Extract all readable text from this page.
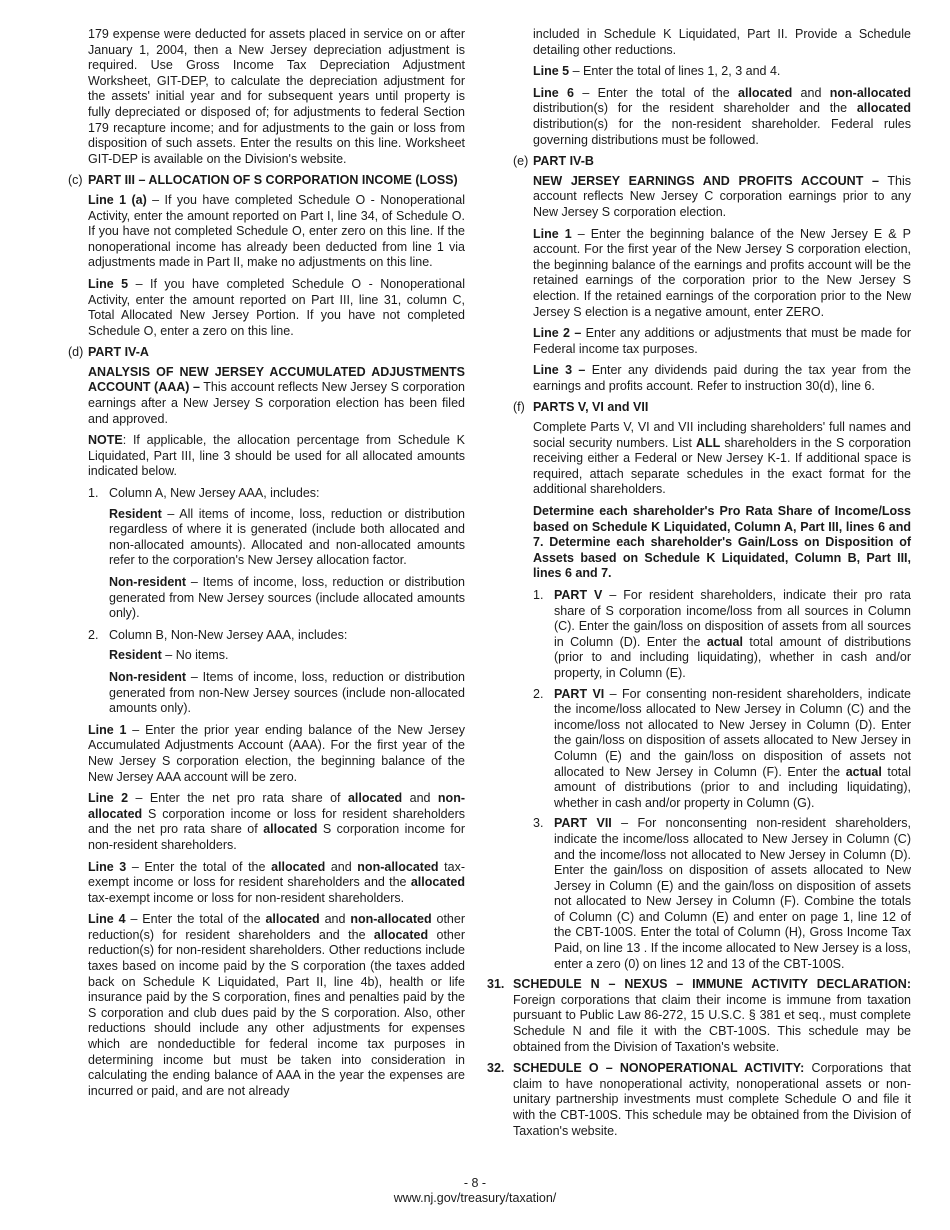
179 expense were deducted for assets placed in service on or after January 1, 2004, then a New Jersey depreciation adjustment is required. Use Gross Income Tax Depreciation Adjustment Worksheet, GIT-DEP, to calculate the depreciation adjustment for the assets' initial year and for subsequent years until property is fully depreciated or disposed of; for adjustments to federal Section 179 recapture income; and for adjustments to the gain or loss from disposition of such assets. Enter the results on this line. Worksheet GIT-DEP is available on the Division's website.

(c) PART III – ALLOCATION OF S CORPORATION INCOME (LOSS)

Line 1 (a) – If you have completed Schedule O - Nonoperational Activity, enter the amount reported on Part I, line 34, of Schedule O. If you have not completed Schedule O, enter zero on this line. If the nonoperational income has already been deducted from line 1 via adjustments made in Part II, make no adjustments on this line.

Line 5 – If you have completed Schedule O - Nonoperational Activity, enter the amount reported on Part III, line 31, column C, Total Allocated New Jersey Portion. If you have not completed Schedule O, enter a zero on this line.

(d) PART IV-A

ANALYSIS OF NEW JERSEY ACCUMULATED ADJUSTMENTS ACCOUNT (AAA) – This account reflects New Jersey S corporation earnings after a New Jersey S corporation election has been filed and approved.

NOTE: If applicable, the allocation percentage from Schedule K Liquidated, Part III, line 3 should be used for all allocated amounts indicated below.

1. Column A, New Jersey AAA, includes:

Resident – All items of income, loss, reduction or distribution regardless of where it is generated (include both allocated and non-allocated amounts). Allocated and non-allocated amounts refer to the corporation's New Jersey allocation factor.

Non-resident – Items of income, loss, reduction or distribution generated from New Jersey sources (include allocated amounts only).

2. Column B, Non-New Jersey AAA, includes:

Resident – No items.

Non-resident – Items of income, loss, reduction or distribution generated from non-New Jersey sources (include non-allocated amounts only).

Line 1 – Enter the prior year ending balance of the New Jersey Accumulated Adjustments Account (AAA). For the first year of the New Jersey S corporation election, the beginning balance of the New Jersey AAA account will be zero.

Line 2 – Enter the net pro rata share of allocated and non-allocated S corporation income or loss for resident shareholders and the net pro rata share of allocated S corporation income for non-resident shareholders.

Line 3 – Enter the total of the allocated and non-allocated tax-exempt income or loss for resident shareholders and the allocated tax-exempt income or loss for non-resident shareholders.

Line 4 – Enter the total of the allocated and non-allocated other reduction(s) for resident shareholders and the allocated other reduction(s) for non-resident shareholders. Other reductions include taxes based on income paid by the S corporation (the taxes added back on Schedule K Liquidated, Part II, line 4b), health or life insurance paid by the S corporation, fines and penalties paid by the S corporation and club dues paid by the S corporation. Also, other reductions should include any other adjustments for expenses which are nondeductible for federal income tax purposes in determining income but must be taken into consideration in calculating the ending balance of AAA in the year the expenses are incurred or paid, and are not already

included in Schedule K Liquidated, Part II. Provide a Schedule detailing other reductions.

Line 5 – Enter the total of lines 1, 2, 3 and 4.

Line 6 – Enter the total of the allocated and non-allocated distribution(s) for the resident shareholder and the allocated distribution(s) for the non-resident shareholder. Federal rules governing distributions must be followed.

(e) PART IV-B

NEW JERSEY EARNINGS AND PROFITS ACCOUNT – This account reflects New Jersey C corporation earnings prior to any New Jersey S corporation election.

Line 1 – Enter the beginning balance of the New Jersey E & P account. For the first year of the New Jersey S corporation election, the beginning balance of the earnings and profits account will be the retained earnings of the corporation prior to the New Jersey S election. If the retained earnings of the corporation prior to the New Jersey S election is a negative amount, enter ZERO.

Line 2 – Enter any additions or adjustments that must be made for Federal income tax purposes.

Line 3 – Enter any dividends paid during the tax year from the earnings and profits account. Refer to instruction 30(d), line 6.

(f) PARTS V, VI and VII

Complete Parts V, VI and VII including shareholders' full names and social security numbers. List ALL shareholders in the S corporation receiving either a Federal or New Jersey K-1. If additional space is required, attach separate schedules in the exact format for the additional shareholders.

Determine each shareholder's Pro Rata Share of Income/Loss based on Schedule K Liquidated, Column A, Part III, lines 6 and 7. Determine each shareholder's Gain/Loss on Disposition of Assets based on Schedule K Liquidated, Column B, Part III, lines 6 and 7.

1. PART V – For resident shareholders, indicate their pro rata share of S corporation income/loss from all sources in Column (C). Enter the gain/loss on disposition of assets from all sources in Column (D). Enter the actual total amount of distributions (prior to and including liquidating), whether in cash and/or property, in Column (E).
2. PART VI – For consenting non-resident shareholders, indicate the income/loss allocated to New Jersey in Column (C) and the income/loss not allocated to New Jersey in Column (D). Enter the gain/loss on disposition of assets allocated to New Jersey in Column (E) and the gain/loss on disposition of assets not allocated to New Jersey in Column (F). Enter the actual total amount of distributions (prior to and including liquidating), whether in cash and/or property in Column (G).
3. PART VII – For nonconsenting non-resident shareholders, indicate the income/loss allocated to New Jersey in Column (C) and the income/loss not allocated to New Jersey in Column (D). Enter the gain/loss on disposition of assets allocated to New Jersey in Column (E) and the gain/loss on disposition of assets not allocated to New Jersey in Column (F). Combine the totals of Column (C) and Column (E) and enter on page 1, line 12 of the CBT-100S. Enter the total of Column (H), Gross Income Tax Paid, on line 13 . If the income allocated to New Jersey is a loss, enter a zero (0) on lines 12 and 13 of the CBT-100S.
31. SCHEDULE N – NEXUS – IMMUNE ACTIVITY DECLARATION: Foreign corporations that claim their income is immune from taxation pursuant to Public Law 86-272, 15 U.S.C. § 381 et seq., must complete Schedule N and file it with the CBT-100S. This schedule may be obtained from the Division of Taxation's website.
32. SCHEDULE O – NONOPERATIONAL ACTIVITY: Corporations that claim to have nonoperational activity, nonoperational assets or non-unitary partnership investments must complete Schedule O and file it with the CBT-100S. This schedule may be obtained from the Division of Taxation's website.
- 8 -
www.nj.gov/treasury/taxation/
